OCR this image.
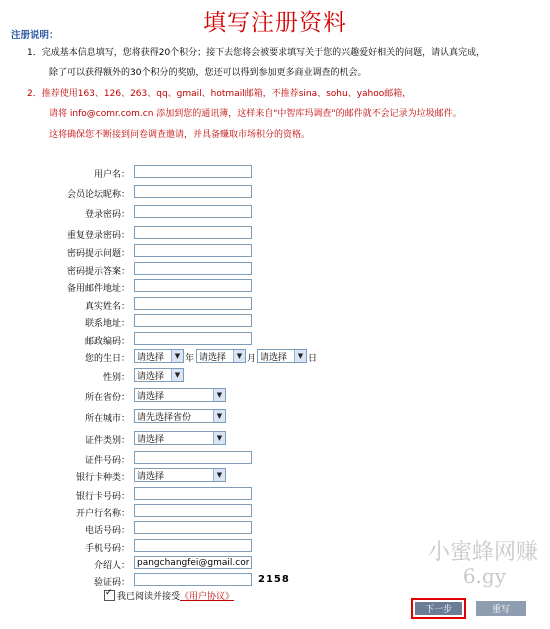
填写注册资料
注册说明：
1．完成基本信息填写，您将获得20个积分；接下去您将会被要求填写关于您的兴趣爱好相关的问题，请认真完成，
除了可以获得额外的30个积分的奖励，您还可以得到参加更多商业调查的机会。
2．推荐使用163、126、263、qq、gmail、hotmail邮箱，不推荐sina、sohu、yahoo邮箱，
请将 info@comr.com.cn 添加到您的通讯簿，这样来自"中智库玛调查"的邮件就不会记录为垃圾邮件。
这将确保您不断接到问卷调查邀请，并具备赚取市场积分的资格。
用户名：
会员论坛昵称：
登录密码：
重复登录密码：
密码提示问题：
密码提示答案：
备用邮件地址：
真实姓名：
联系地址：
邮政编码：
您的生日： 请选择	▼ 年 请选择	▼ 月 请选择	▼ 日
性别： 请选择	▼
所在省份： 请选择	▼
所在城市： 请先选择省份	▼
证件类别： 请选择	▼
证件号码：
银行卡种类： 请选择	▼
银行卡号码：
开户行名称：
电话号码：
手机号码：
介绍人：
pangchangfei@gmail.com
验证码：	2158
✓
我已阅读并接受 《用户协议》
下一步	重写
小蜜蜂网赚
6.gy
